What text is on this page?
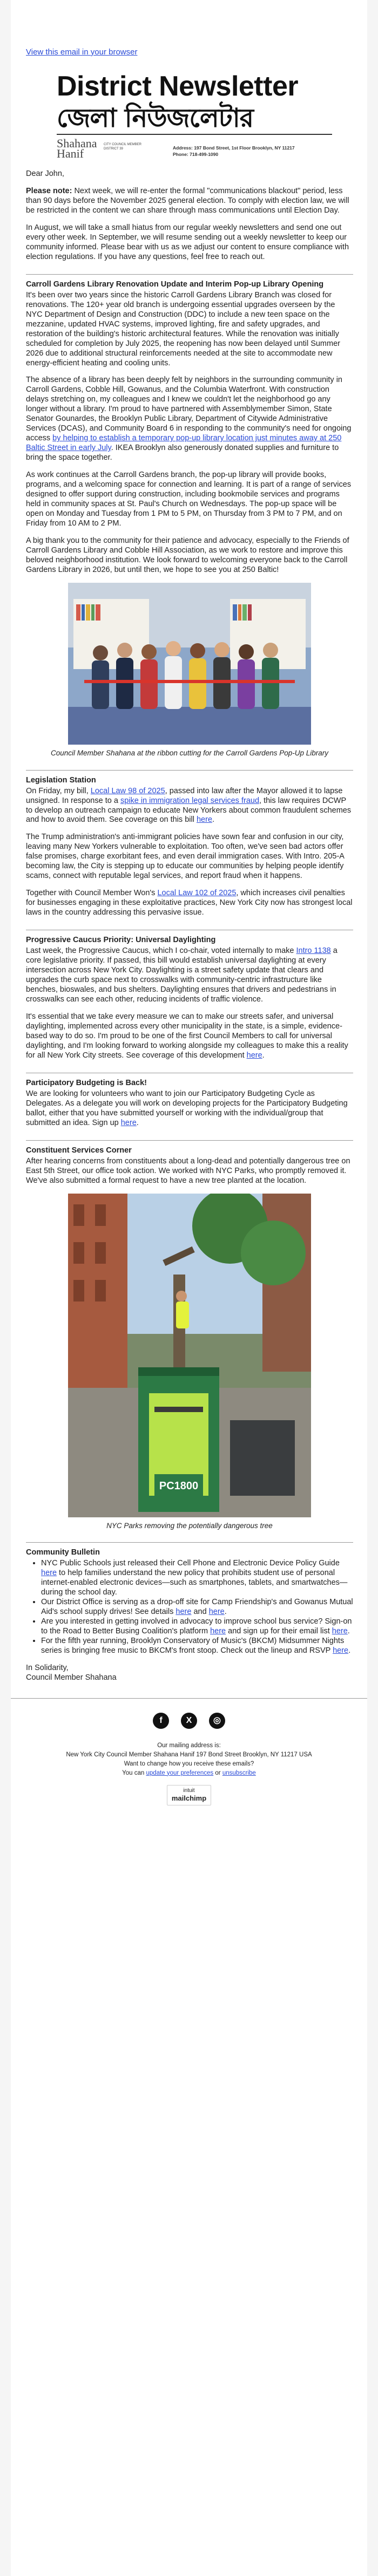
View this email in your browser
District Newsletter
জেলা নিউজলেটার
Shahana
Hanif
CITY COUNCIL MEMBER DISTRICT 39	Address: 197 Bond Street, 1st Floor Brooklyn, NY 11217
Phone: 718-499-1090

Dear John,

Please note: Next week, we will re-enter the formal "communications blackout" period, less than 90 days before the November 2025 general election. To comply with election law, we will be restricted in the content we can share through mass communications until Election Day.

In August, we will take a small hiatus from our regular weekly newsletters and send one out every other week. In September, we will resume sending out a weekly newsletter to keep our community informed. Please bear with us as we adjust our content to ensure compliance with election regulations. If you have any questions, feel free to reach out.

Carroll Gardens Library Renovation Update and Interim Pop-up Library Opening

It's been over two years since the historic Carroll Gardens Library Branch was closed for renovations. The 120+ year old branch is undergoing essential upgrades overseen by the NYC Department of Design and Construction (DDC) to include a new teen space on the mezzanine, updated HVAC systems, improved lighting, fire and safety upgrades, and restoration of the building's historic architectural features. While the renovation was initially scheduled for completion by July 2025, the reopening has now been delayed until Summer 2026 due to additional structural reinforcements needed at the site to accommodate new energy-efficient heating and cooling units.

The absence of a library has been deeply felt by neighbors in the surrounding community in Carroll Gardens, Cobble Hill, Gowanus, and the Columbia Waterfront. With construction delays stretching on, my colleagues and I knew we couldn't let the neighborhood go any longer without a library. I'm proud to have partnered with Assemblymember Simon, State Senator Gounardes, the Brooklyn Public Library, Department of Citywide Administrative Services (DCAS), and Community Board 6 in responding to the community's need for ongoing access by helping to establish a temporary pop-up library location just minutes away at 250 Baltic Street in early July. IKEA Brooklyn also generously donated supplies and furniture to bring the space together.

As work continues at the Carroll Gardens branch, the pop-up library will provide books, programs, and a welcoming space for connection and learning. It is part of a range of services designed to offer support during construction, including bookmobile services and programs held in community spaces at St. Paul's Church on Wednesdays. The pop-up space will be open on Monday and Tuesday from 1 PM to 5 PM, on Thursday from 3 PM to 7 PM, and on Friday from 10 AM to 2 PM.

A big thank you to the community for their patience and advocacy, especially to the Friends of Carroll Gardens Library and Cobble Hill Association, as we work to restore and improve this beloved neighborhood institution. We look forward to welcoming everyone back to the Carroll Gardens Library in 2026, but until then, we hope to see you at 250 Baltic!

Council Member Shahana at the ribbon cutting for the Carroll Gardens Pop-Up Library
Legislation Station

On Friday, my bill, Local Law 98 of 2025, passed into law after the Mayor allowed it to lapse unsigned. In response to a spike in immigration legal services fraud, this law requires DCWP to develop an outreach campaign to educate New Yorkers about common fraudulent schemes and how to avoid them. See coverage on this bill here.

The Trump administration's anti-immigrant policies have sown fear and confusion in our city, leaving many New Yorkers vulnerable to exploitation. Too often, we've seen bad actors offer false promises, charge exorbitant fees, and even derail immigration cases. With Intro. 205-A becoming law, the City is stepping up to educate our communities by helping people identify scams, connect with reputable legal services, and report fraud when it happens.

Together with Council Member Won's Local Law 102 of 2025, which increases civil penalties for businesses engaging in these exploitative practices, New York City now has strongest local laws in the country addressing this pervasive issue.

Progressive Caucus Priority: Universal Daylighting

Last week, the Progressive Caucus, which I co-chair, voted internally to make Intro 1138 a core legislative priority. If passed, this bill would establish universal daylighting at every intersection across New York City. Daylighting is a street safety update that clears and upgrades the curb space next to crosswalks with community-centric infrastructure like benches, bioswales, and bus shelters. Daylighting ensures that drivers and pedestrians in crosswalks can see each other, reducing incidents of traffic violence.

It's essential that we take every measure we can to make our streets safer, and universal daylighting, implemented across every other municipality in the state, is a simple, evidence-based way to do so. I'm proud to be one of the first Council Members to call for universal daylighting, and I'm looking forward to working alongside my colleagues to make this a reality for all New York City streets. See coverage of this development here.

Participatory Budgeting is Back!

We are looking for volunteers who want to join our Participatory Budgeting Cycle as Delegates. As a delegate you will work on developing projects for the Participatory Budgeting ballot, either that you have submitted yourself or working with the individual/group that submitted an idea. Sign up here.

Constituent Services Corner

After hearing concerns from constituents about a long-dead and potentially dangerous tree on East 5th Street, our office took action. We worked with NYC Parks, who promptly removed it. We've also submitted a formal request to have a new tree planted at the location.

PC1800
NYC Parks removing the potentially dangerous tree
Community Bulletin
• NYC Public Schools just released their Cell Phone and Electronic Device Policy Guide here to help families understand the new policy that prohibits student use of personal internet-enabled electronic devices—such as smartphones, tablets, and smartwatches—during the school day.
• Our District Office is serving as a drop-off site for Camp Friendship's and Gowanus Mutual Aid's school supply drives! See details here and here.
• Are you interested in getting involved in advocacy to improve school bus service? Sign-on to the Road to Better Busing Coalition's platform here and sign up for their email list here.
• For the fifth year running, Brooklyn Conservatory of Music's (BKCM) Midsummer Nights series is bringing free music to BKCM's front stoop. Check out the lineup and RSVP here.

In Solidarity,
Council Member Shahana

f	X	◎

Our mailing address is:

New York City Council Member Shahana Hanif 197 Bond Street Brooklyn, NY 11217 USA

Want to change how you receive these emails?

You can update your preferences or unsubscribe

intuit
mailchimp
